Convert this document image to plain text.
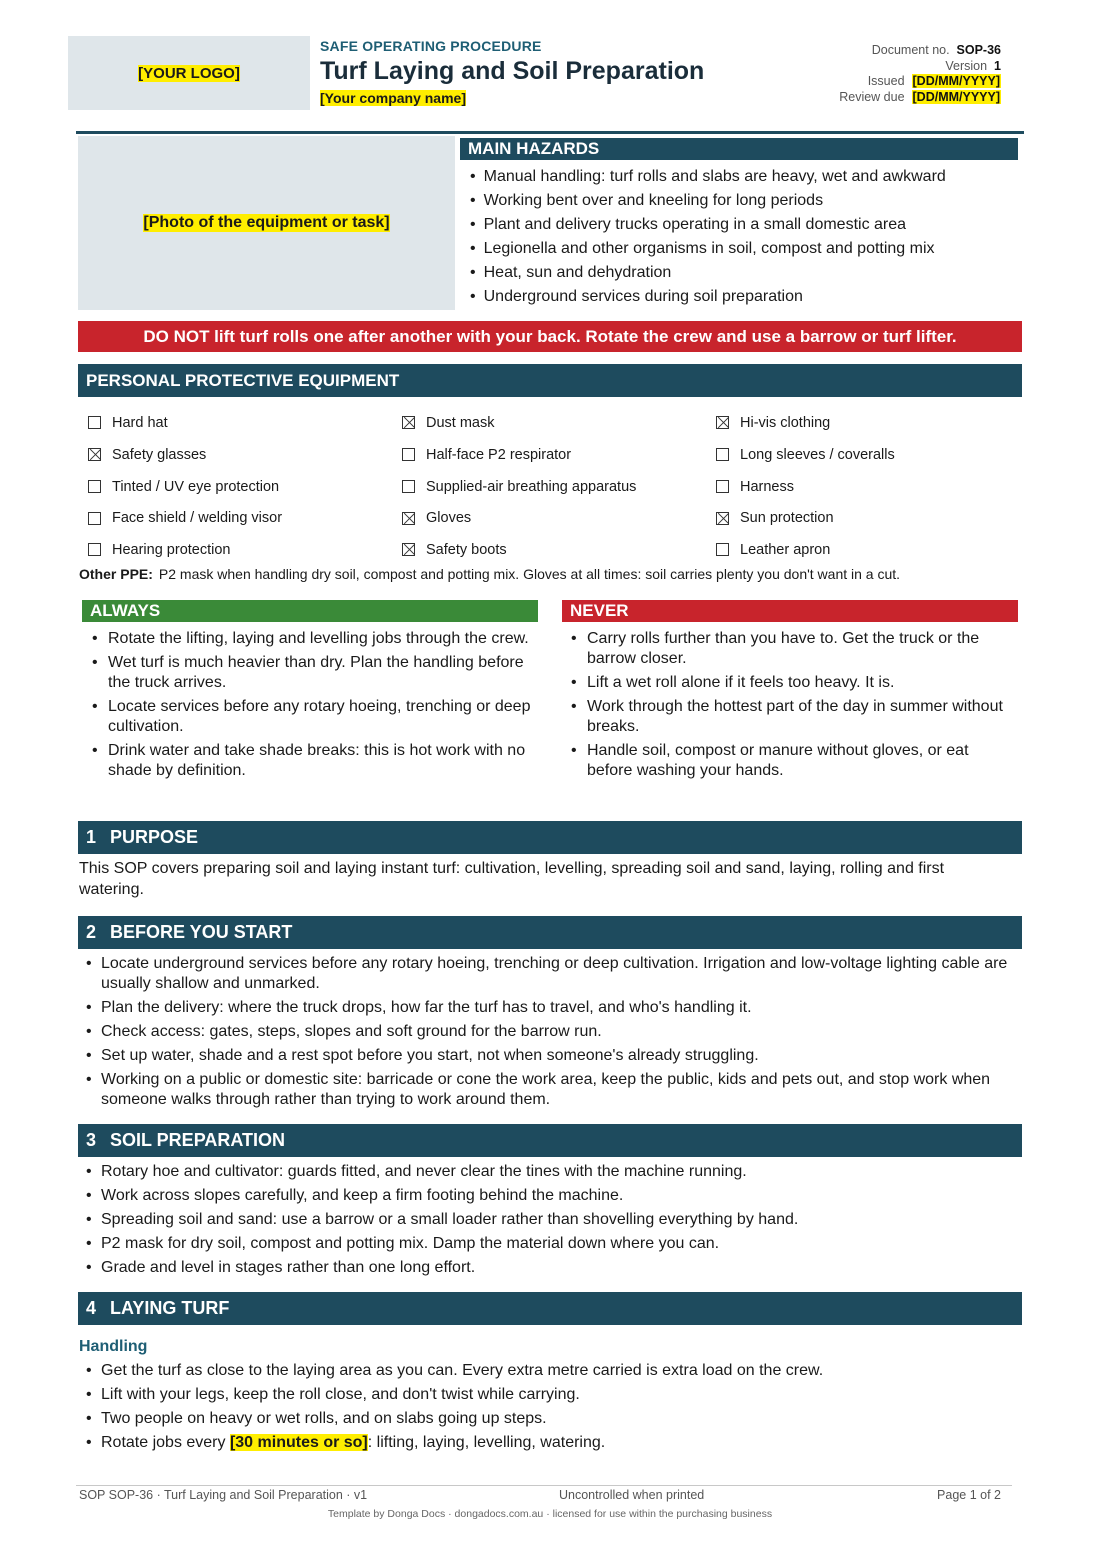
[YOUR LOGO]
SAFE OPERATING PROCEDURE
Turf Laying and Soil Preparation
[Your company name]
Document no. SOP-36
Version 1
Issued [DD/MM/YYYY]
Review due [DD/MM/YYYY]
[Photo of the equipment or task]
MAIN HAZARDS
• Manual handling: turf rolls and slabs are heavy, wet and awkward
• Working bent over and kneeling for long periods
• Plant and delivery trucks operating in a small domestic area
• Legionella and other organisms in soil, compost and potting mix
• Heat, sun and dehydration
• Underground services during soil preparation
DO NOT lift turf rolls one after another with your back. Rotate the crew and use a barrow or turf lifter.
PERSONAL PROTECTIVE EQUIPMENT
Hard hat
Safety glasses
Tinted / UV eye protection
Face shield / welding visor
Hearing protection
Dust mask
Half-face P2 respirator
Supplied-air breathing apparatus
Gloves
Safety boots
Hi-vis clothing
Long sleeves / coveralls
Harness
Sun protection
Leather apron
Other PPE: P2 mask when handling dry soil, compost and potting mix. Gloves at all times: soil carries plenty you don't want in a cut.
ALWAYS
• Rotate the lifting, laying and levelling jobs through the crew.
• Wet turf is much heavier than dry. Plan the handling before the truck arrives.
• Locate services before any rotary hoeing, trenching or deep cultivation.
• Drink water and take shade breaks: this is hot work with no shade by definition.
NEVER
• Carry rolls further than you have to. Get the truck or the barrow closer.
• Lift a wet roll alone if it feels too heavy. It is.
• Work through the hottest part of the day in summer without breaks.
• Handle soil, compost or manure without gloves, or eat before washing your hands.
1 PURPOSE
This SOP covers preparing soil and laying instant turf: cultivation, levelling, spreading soil and sand, laying, rolling and first watering.
2 BEFORE YOU START
• Locate underground services before any rotary hoeing, trenching or deep cultivation. Irrigation and low-voltage lighting cable are usually shallow and unmarked.
• Plan the delivery: where the truck drops, how far the turf has to travel, and who's handling it.
• Check access: gates, steps, slopes and soft ground for the barrow run.
• Set up water, shade and a rest spot before you start, not when someone's already struggling.
• Working on a public or domestic site: barricade or cone the work area, keep the public, kids and pets out, and stop work when someone walks through rather than trying to work around them.
3 SOIL PREPARATION
• Rotary hoe and cultivator: guards fitted, and never clear the tines with the machine running.
• Work across slopes carefully, and keep a firm footing behind the machine.
• Spreading soil and sand: use a barrow or a small loader rather than shovelling everything by hand.
• P2 mask for dry soil, compost and potting mix. Damp the material down where you can.
• Grade and level in stages rather than one long effort.
4 LAYING TURF
Handling
• Get the turf as close to the laying area as you can. Every extra metre carried is extra load on the crew.
• Lift with your legs, keep the roll close, and don't twist while carrying.
• Two people on heavy or wet rolls, and on slabs going up steps.
• Rotate jobs every [30 minutes or so]: lifting, laying, levelling, watering.
SOP SOP-36 · Turf Laying and Soil Preparation · v1	Uncontrolled when printed	Page 1 of 2
Template by Donga Docs · dongadocs.com.au · licensed for use within the purchasing business
